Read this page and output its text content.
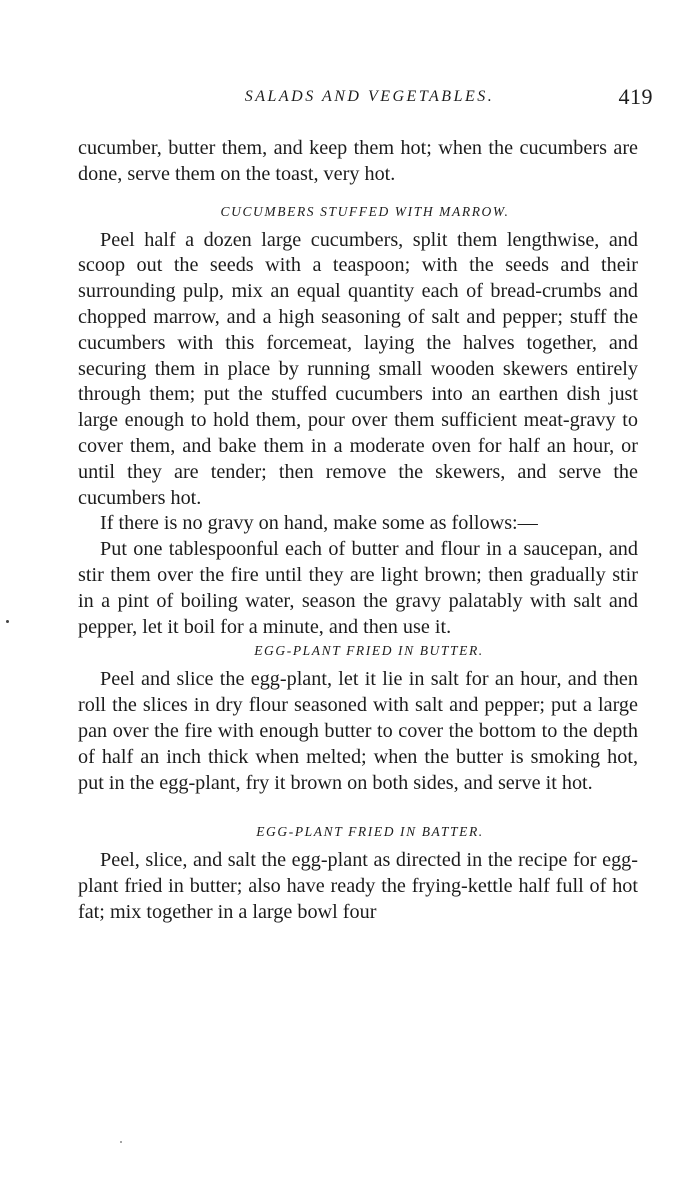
SALADS AND VEGETABLES.	419

cucumber, butter them, and keep them hot; when the cucumbers are done, serve them on the toast, very hot.

CUCUMBERS STUFFED WITH MARROW.

Peel half a dozen large cucumbers, split them lengthwise, and scoop out the seeds with a teaspoon; with the seeds and their surrounding pulp, mix an equal quantity each of bread-crumbs and chopped marrow, and a high seasoning of salt and pepper; stuff the cucumbers with this forcemeat, laying the halves together, and securing them in place by running small wooden skewers entirely through them; put the stuffed cucumbers into an earthen dish just large enough to hold them, pour over them sufficient meat-gravy to cover them, and bake them in a moderate oven for half an hour, or until they are tender; then remove the skewers, and serve the cucumbers hot.

If there is no gravy on hand, make some as follows:—

Put one tablespoonful each of butter and flour in a saucepan, and stir them over the fire until they are light brown; then gradually stir in a pint of boiling water, season the gravy palatably with salt and pepper, let it boil for a minute, and then use it.

EGG-PLANT FRIED IN BUTTER.

Peel and slice the egg-plant, let it lie in salt for an hour, and then roll the slices in dry flour seasoned with salt and pepper; put a large pan over the fire with enough butter to cover the bottom to the depth of half an inch thick when melted; when the butter is smoking hot, put in the egg-plant, fry it brown on both sides, and serve it hot.

EGG-PLANT FRIED IN BATTER.

Peel, slice, and salt the egg-plant as directed in the recipe for egg-plant fried in butter; also have ready the frying-kettle half full of hot fat; mix together in a large bowl four
